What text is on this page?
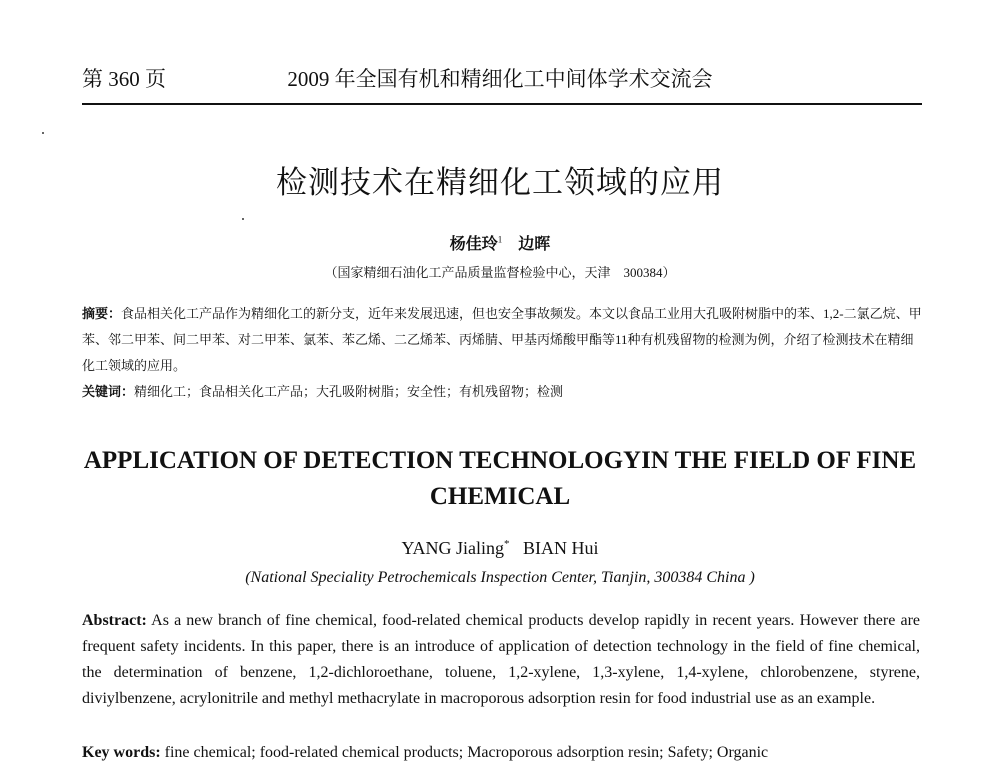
第 360 页	2009 年全国有机和精细化工中间体学术交流会
检测技术在精细化工领域的应用
杨佳玲$^1$　 边晖
（国家精细石油化工产品质量监督检验中心，天津　300384）
摘要：食品相关化工产品作为精细化工的新分支，近年来发展迅速，但也安全事故频发。本文以食品工业用大孔吸附树脂中的苯、1,2-二氯乙烷、甲苯、邻二甲苯、间二甲苯、对二甲苯、氯苯、苯乙烯、二乙烯苯、丙烯腈、甲基丙烯酸甲酯等11种有机残留物的检测为例，介绍了检测技术在精细化工领域的应用。
关键词：精细化工；食品相关化工产品；大孔吸附树脂；安全性；有机残留物；检测
APPLICATION OF DETECTION TECHNOLOGYIN THE FIELD OF FINE CHEMICAL
YANG Jialing* BIAN Hui
(National Speciality Petrochemicals Inspection Center, Tianjin, 300384 China )
Abstract: As a new branch of fine chemical, food-related chemical products develop rapidly in recent years. However there are frequent safety incidents. In this paper, there is an introduce of application of detection technology in the field of fine chemical, the determination of benzene, 1,2-dichloroethane, toluene, 1,2-xylene, 1,3-xylene, 1,4-xylene, chlorobenzene, styrene, diviylbenzene, acrylonitrile and methyl methacrylate in macroporous adsorption resin for food industrial use as an example.
Key words: fine chemical; food-related chemical products; Macroporous adsorption resin; Safety; Organic
